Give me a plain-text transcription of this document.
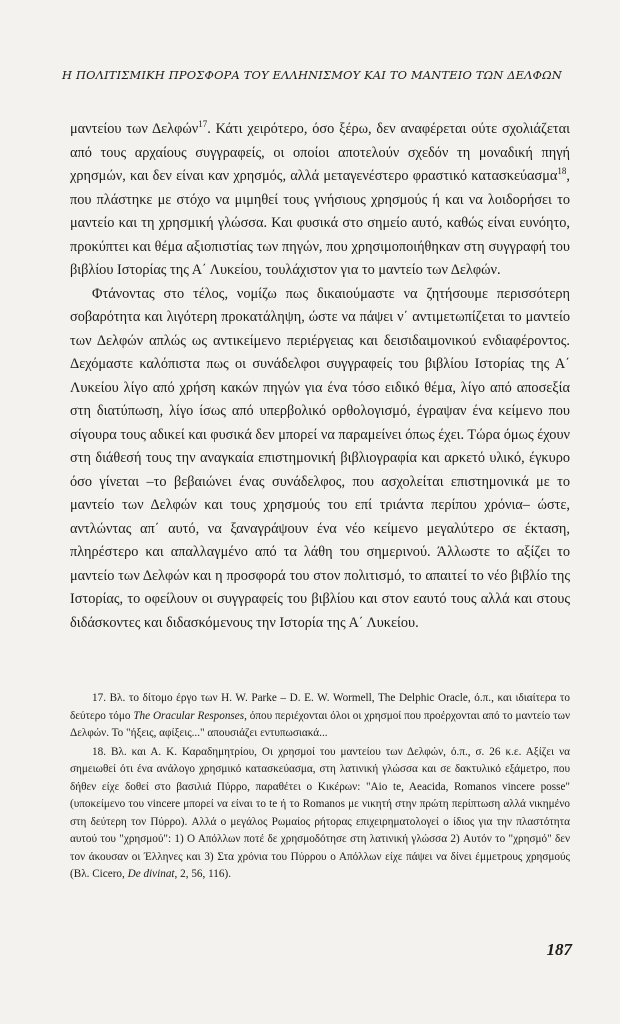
Η ΠΟΛΙΤΙΣΜΙΚΗ ΠΡΟΣΦΟΡΑ ΤΟΥ ΕΛΛΗΝΙΣΜΟΥ ΚΑΙ ΤΟ ΜΑΝΤΕΙΟ ΤΩΝ ΔΕΛΦΩΝ

μαντείου των Δελφών$^{17}$. Κάτι χειρότερο, όσο ξέρω, δεν αναφέρεται ούτε σχολιάζεται από τους αρχαίους συγγραφείς, οι οποίοι αποτελούν σχεδόν τη μοναδική πηγή χρησμών, και δεν είναι καν χρησμός, αλλά μεταγενέστερο φραστικό κατασκεύασμα$^{18}$, που πλάστηκε με στόχο να μιμηθεί τους γνήσιους χρησμούς ή και να λοιδορήσει το μαντείο και τη χρησμική γλώσσα. Και φυσικά στο σημείο αυτό, καθώς είναι ευνόητο, προκύπτει και θέμα αξιοπιστίας των πηγών, που χρησιμοποιήθηκαν στη συγγραφή του βιβλίου Ιστορίας της Α΄ Λυκείου, τουλάχιστον για το μαντείο των Δελφών.

Φτάνοντας στο τέλος, νομίζω πως δικαιούμαστε να ζητήσουμε περισσότερη σοβαρότητα και λιγότερη προκατάληψη, ώστε να πάψει ν΄ αντιμετωπίζεται το μαντείο των Δελφών απλώς ως αντικείμενο περιέργειας και δεισιδαιμονικού ενδιαφέροντος. Δεχόμαστε καλόπιστα πως οι συνάδελφοι συγγραφείς του βιβλίου Ιστορίας της Α΄ Λυκείου λίγο από χρήση κακών πηγών για ένα τόσο ειδικό θέμα, λίγο από αποσεξία στη διατύπωση, λίγο ίσως από υπερβολικό ορθολογισμό, έγραψαν ένα κείμενο που σίγουρα τους αδικεί και φυσικά δεν μπορεί να παραμείνει όπως έχει. Τώρα όμως έχουν στη διάθεσή τους την αναγκαία επιστημονική βιβλιογραφία και αρκετό υλικό, έγκυρο όσο γίνεται –το βεβαιώνει ένας συνάδελφος, που ασχολείται επιστημονικά με το μαντείο των Δελφών και τους χρησμούς του επί τριάντα περίπου χρόνια– ώστε, αντλώντας απ΄ αυτό, να ξαναγράψουν ένα νέο κείμενο μεγαλύτερο σε έκταση, πληρέστερο και απαλλαγμένο από τα λάθη του σημερινού. Άλλωστε το αξίζει το μαντείο των Δελφών και η προσφορά του στον πολιτισμό, το απαιτεί το νέο βιβλίο της Ιστορίας, το οφείλουν οι συγγραφείς του βιβλίου και στον εαυτό τους αλλά και στους διδάσκοντες και διδασκόμενους την Ιστορία της Α΄ Λυκείου.

17. Βλ. το δίτομο έργο των H. W. Parke – D. E. W. Wormell, The Delphic Oracle, ό.π., και ιδιαίτερα το δεύτερο τόμο The Oracular Responses, όπου περιέχονται όλοι οι χρησμοί που προέρχονται από το μαντείο των Δελφών. Το "ήξεις, αφίξεις..." απουσιάζει εντυπωσιακά...

18. Βλ. και Α. Κ. Καραδημητρίου, Οι χρησμοί του μαντείου των Δελφών, ό.π., σ. 26 κ.ε. Αξίζει να σημειωθεί ότι ένα ανάλογο χρησμικό κατασκεύασμα, στη λατινική γλώσσα και σε δακτυλικό εξάμετρο, που δήθεν είχε δοθεί στο βασιλιά Πύρρο, παραθέτει ο Κικέρων: "Aio te, Aeacida, Romanos vincere posse" (υποκείμενο του vincere μπορεί να είναι το te ή το Romanos με νικητή στην πρώτη περίπτωση αλλά νικημένο στη δεύτερη τον Πύρρο). Αλλά ο μεγάλος Ρωμαίος ρήτορας επιχειρηματολογεί ο ίδιος για την πλαστότητα αυτού του "χρησμού": 1) Ο Απόλλων ποτέ δε χρησμοδότησε στη λατινική γλώσσα 2) Αυτόν το "χρησμό" δεν τον άκουσαν οι Έλληνες και 3) Στα χρόνια του Πύρρου ο Απόλλων είχε πάψει να δίνει έμμετρους χρησμούς (Βλ. Cicero, De divinat, 2, 56, 116).

187
